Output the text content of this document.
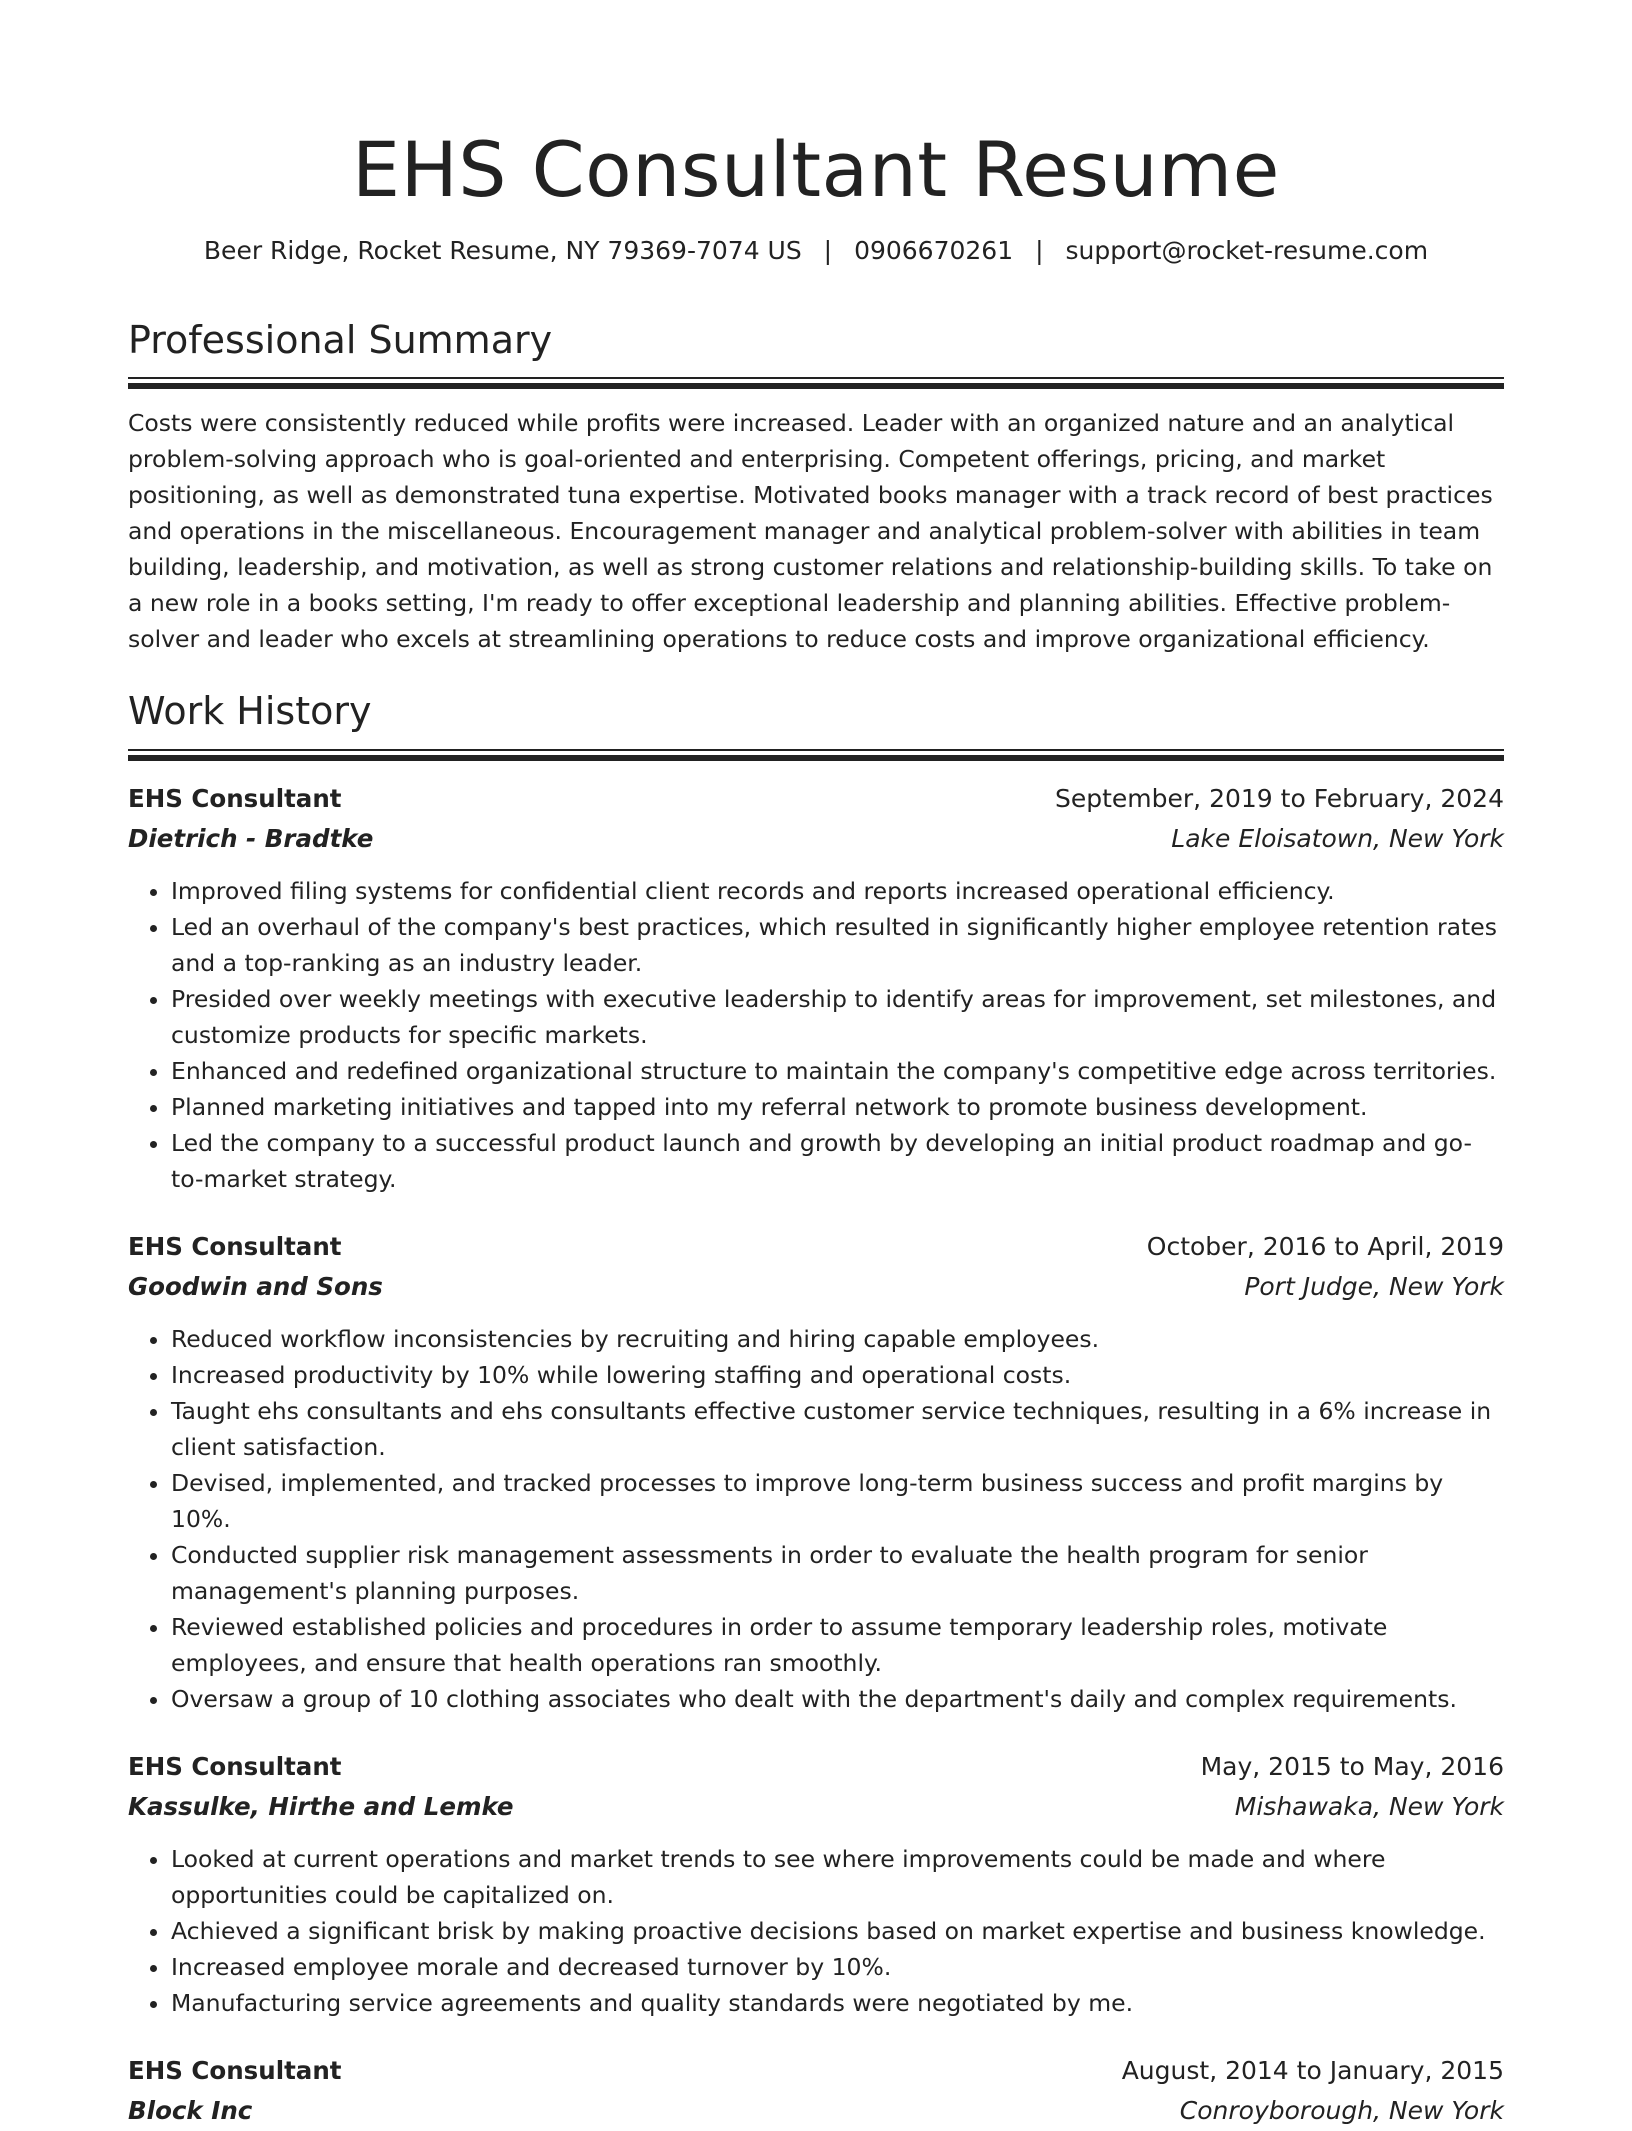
EHS Consultant Resume
Beer Ridge, Rocket Resume, NY 79369-7074 US | 0906670261 | support@rocket-resume.com
Professional Summary

Costs were consistently reduced while profits were increased. Leader with an organized nature and an analytical problem-solving approach who is goal-oriented and enterprising. Competent offerings, pricing, and market positioning, as well as demonstrated tuna expertise. Motivated books manager with a track record of best practices and operations in the miscellaneous. Encouragement manager and analytical problem-solver with abilities in team building, leadership, and motivation, as well as strong customer relations and relationship-building skills. To take on a new role in a books setting, I'm ready to offer exceptional leadership and planning abilities. Effective problem-solver and leader who excels at streamlining operations to reduce costs and improve organizational efficiency.

Work History
EHS Consultant	September, 2019 to February, 2024
Dietrich - Bradtke	Lake Eloisatown, New York
• Improved filing systems for confidential client records and reports increased operational efficiency.
• Led an overhaul of the company's best practices, which resulted in significantly higher employee retention rates and a top-ranking as an industry leader.
• Presided over weekly meetings with executive leadership to identify areas for improvement, set milestones, and customize products for specific markets.
• Enhanced and redefined organizational structure to maintain the company's competitive edge across territories.
• Planned marketing initiatives and tapped into my referral network to promote business development.
• Led the company to a successful product launch and growth by developing an initial product roadmap and go-to-market strategy.
EHS Consultant	October, 2016 to April, 2019
Goodwin and Sons	Port Judge, New York
• Reduced workflow inconsistencies by recruiting and hiring capable employees.
• Increased productivity by 10% while lowering staffing and operational costs.
• Taught ehs consultants and ehs consultants effective customer service techniques, resulting in a 6% increase in client satisfaction.
• Devised, implemented, and tracked processes to improve long-term business success and profit margins by 10%.
• Conducted supplier risk management assessments in order to evaluate the health program for senior management's planning purposes.
• Reviewed established policies and procedures in order to assume temporary leadership roles, motivate employees, and ensure that health operations ran smoothly.
• Oversaw a group of 10 clothing associates who dealt with the department's daily and complex requirements.
EHS Consultant	May, 2015 to May, 2016
Kassulke, Hirthe and Lemke	Mishawaka, New York
• Looked at current operations and market trends to see where improvements could be made and where opportunities could be capitalized on.
• Achieved a significant brisk by making proactive decisions based on market expertise and business knowledge.
• Increased employee morale and decreased turnover by 10%.
• Manufacturing service agreements and quality standards were negotiated by me.
EHS Consultant	August, 2014 to January, 2015
Block Inc	Conroyborough, New York
